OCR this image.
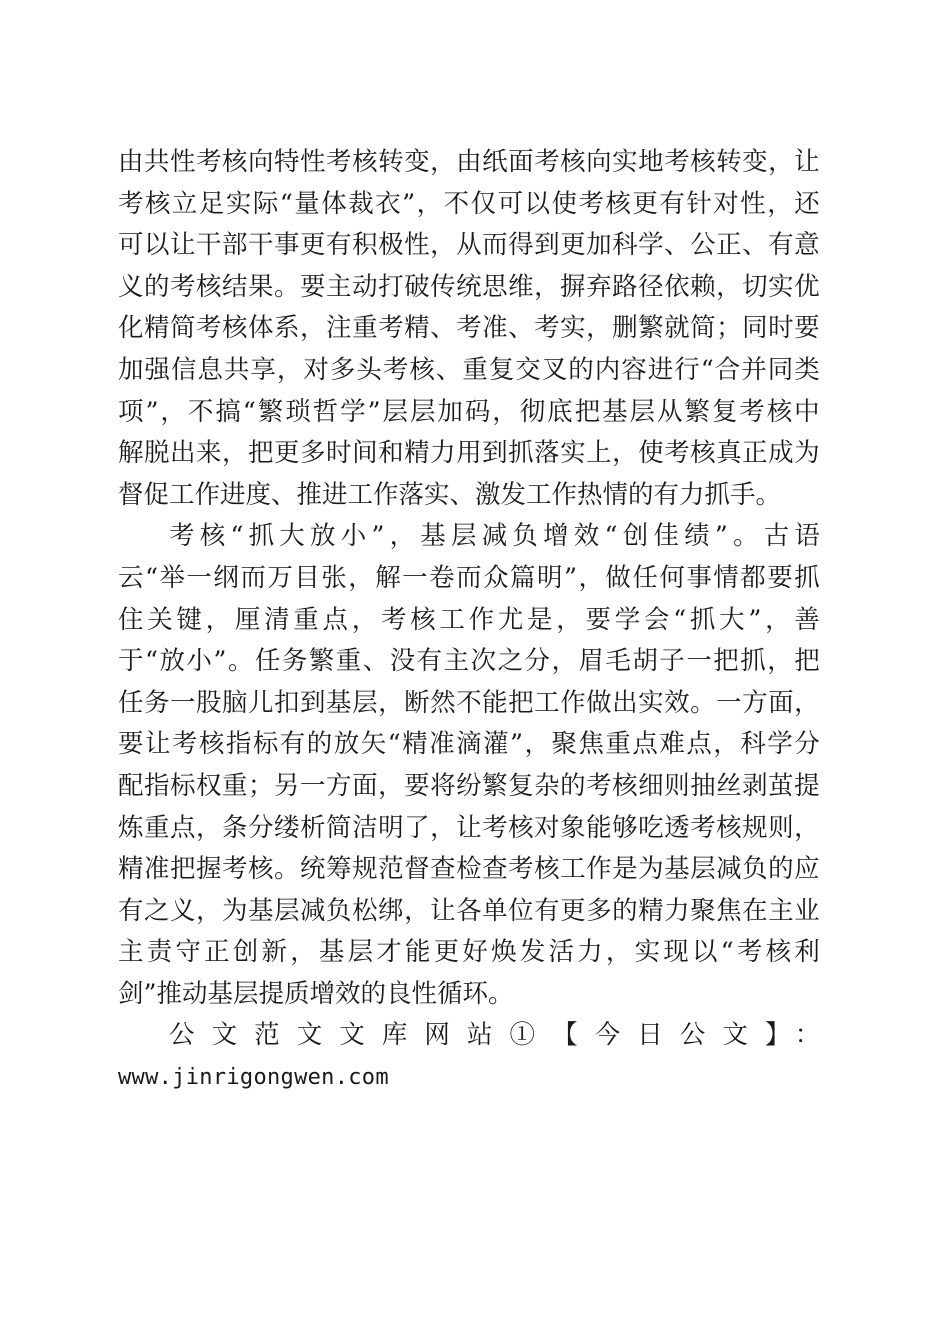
由共性考核向特性考核转变，由纸面考核向实地考核转变，让
考核立足实际“量体裁衣”，不仅可以使考核更有针对性，还
可以让干部干事更有积极性，从而得到更加科学、公正、有意
义的考核结果。要主动打破传统思维，摒弃路径依赖，切实优
化精简考核体系，注重考精、考准、考实，删繁就简；同时要
加强信息共享，对多头考核、重复交叉的内容进行“合并同类
项”，不搞“繁琐哲学”层层加码，彻底把基层从繁复考核中
解脱出来，把更多时间和精力用到抓落实上，使考核真正成为
督促工作进度、推进工作落实、激发工作热情的有力抓手。
考核“抓大放小”，基层减负增效“创佳绩”。古语
云“举一纲而万目张，解一卷而众篇明”，做任何事情都要抓
住关键，厘清重点，考核工作尤是，要学会“抓大”，善
于“放小”。任务繁重、没有主次之分，眉毛胡子一把抓，把
任务一股脑儿扣到基层，断然不能把工作做出实效。一方面，
要让考核指标有的放矢“精准滴灌”，聚焦重点难点，科学分
配指标权重；另一方面，要将纷繁复杂的考核细则抽丝剥茧提
炼重点，条分缕析简洁明了，让考核对象能够吃透考核规则，
精准把握考核。统筹规范督查检查考核工作是为基层减负的应
有之义，为基层减负松绑，让各单位有更多的精力聚焦在主业
主责守正创新，基层才能更好焕发活力，实现以“考核利
剑”推动基层提质增效的良性循环。
公文范文文库网站①【今日公文】：
www.jinrigongwen.com
